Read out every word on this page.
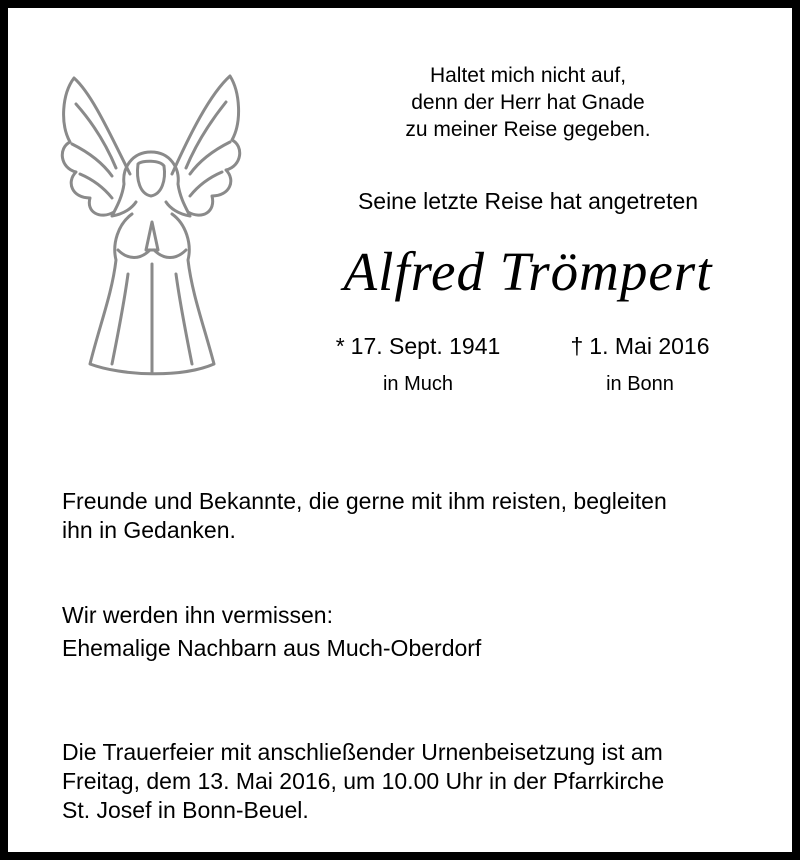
Haltet mich nicht auf,
denn der Herr hat Gnade
zu meiner Reise gegeben.
Seine letzte Reise hat angetreten
Alfred Trömpert
* 17. Sept. 1941
in Much
† 1. Mai 2016
in Bonn
Freunde und Bekannte, die gerne mit ihm reisten, begleiten
ihn in Gedanken.
Wir werden ihn vermissen:
Ehemalige Nachbarn aus Much-Oberdorf
Die Trauerfeier mit anschließender Urnenbeisetzung ist am
Freitag, dem 13. Mai 2016, um 10.00 Uhr in der Pfarrkirche
St. Josef in Bonn-Beuel.
